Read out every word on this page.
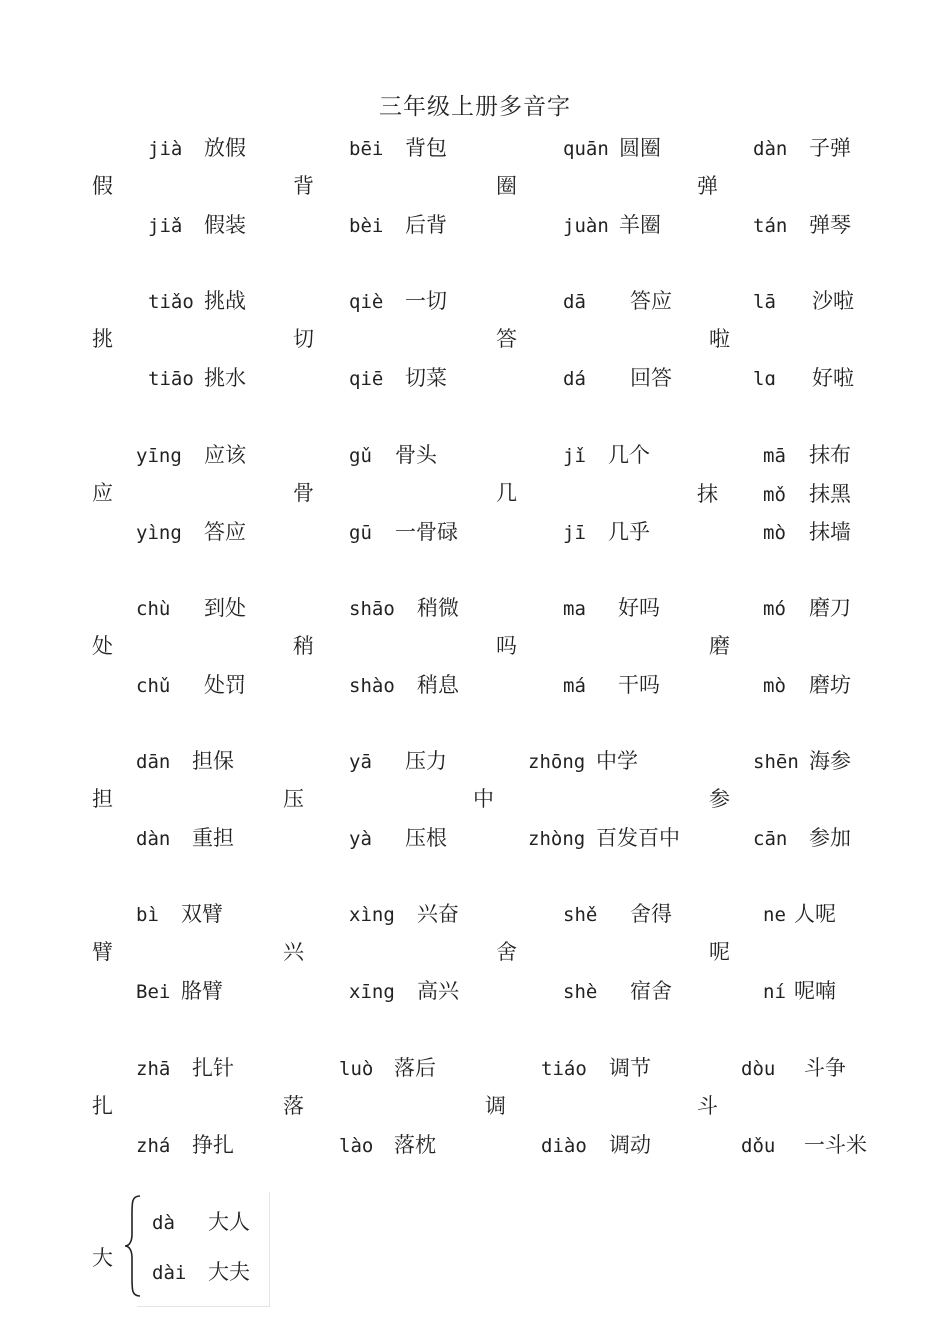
三年级上册多音字
假
jià 放假
jiǎ 假装
背
bēi 背包
bèi 后背
圈
quān 圆圈
juàn 羊圈
弹
dàn 子弹
tán 弹琴
挑
tiǎo 挑战
tiāo 挑水
切
qiè 一切
qiē 切菜
答
dā 答应
dá 回答
啦
lā 沙啦
lɑ 好啦
应
yīng 应该
yìng 答应
骨
gǔ 骨头
gū 一骨碌
几
jǐ 几个
jī 几乎
抹
mā 抹布
mǒ 抹黑
mò 抹墙
处
chù 到处
chǔ 处罚
稍
shāo 稍微
shào 稍息
吗
ma 好吗
má 干吗
磨
mó 磨刀
mò 磨坊
担
dān 担保
dàn 重担
压
yā 压力
yà 压根
中
zhōng 中学
zhòng 百发百中
参
shēn 海参
cān 参加
臂
bì 双臂
Bei 胳臂
兴
xìng 兴奋
xīng 高兴
舍
shě 舍得
shè 宿舍
呢
ne 人呢
ní 呢喃
扎
zhā 扎针
zhá 挣扎
落
luò 落后
lào 落枕
调
tiáo 调节
diào 调动
斗
dòu 斗争
dǒu 一斗米
大
dà 大人
dài 大夫
